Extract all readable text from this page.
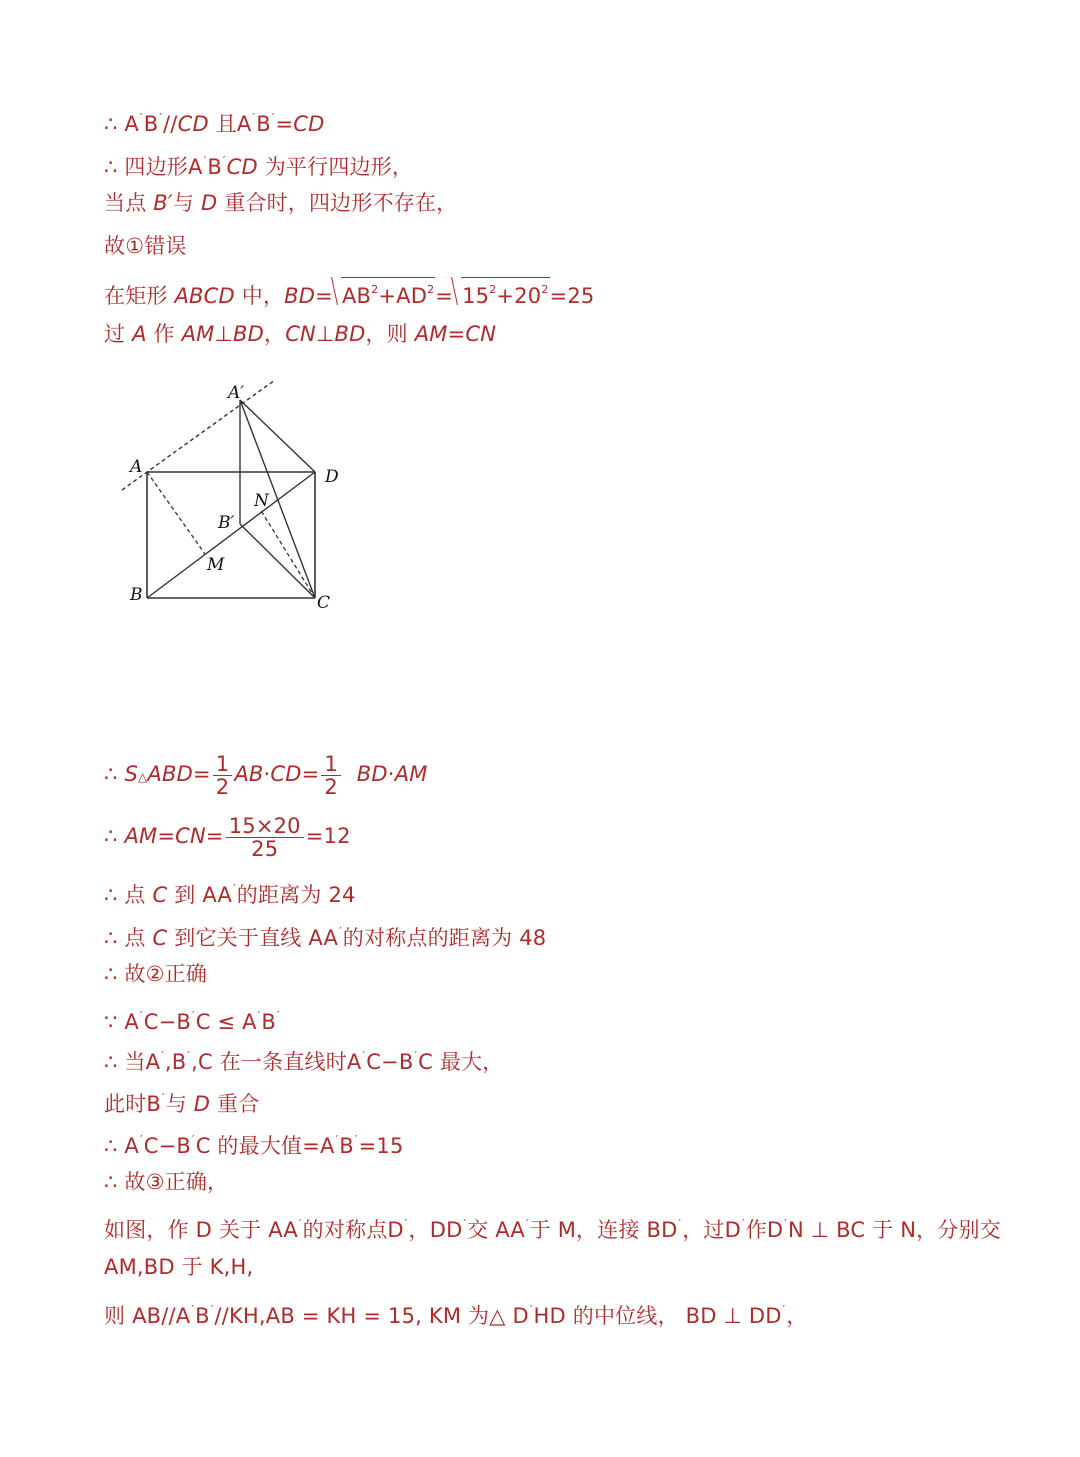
∴ A′B′//CD 且A′B′=CD
∴ 四边形A′B′CD 为平行四边形，
当点 B′与 D 重合时，四边形不存在，
故①错误
在矩形 ABCD 中，$BD= AB^2+AD^2= 15^2+20^2=25$
过 A 作 AM⊥BD，CN⊥BD，则 AM=CN
A′
A	D
N
B′
M
B	C
∴ S△ABD= $\frac{1}{2} AB\cdot CD= \frac{1}{2} BD\cdot AM$
∴ $AM=CN= \frac{15\times 20}{25} =12$
∴ 点 C 到 AA′的距离为 24
∴ 点 C 到它关于直线 AA′的对称点的距离为 48
∴ 故②正确
∵ A′C−B′C ≤ A′B′
∴ 当A′,B′,C 在一条直线时A′C−B′C 最大，
此时B′与 D 重合
∴ A′C−B′C 的最大值=A′B′=15
∴ 故③正确，
如图，作 D 关于 AA′的对称点D′，DD′交 AA′于 M，连接 BD′，过D′作D′N ⊥ BC 于 N，分别交
AM,BD 于 K,H,
则 AB//A′B′//KH,AB = KH = 15, KM 为△ D′HD 的中位线， BD ⊥ DD′，
